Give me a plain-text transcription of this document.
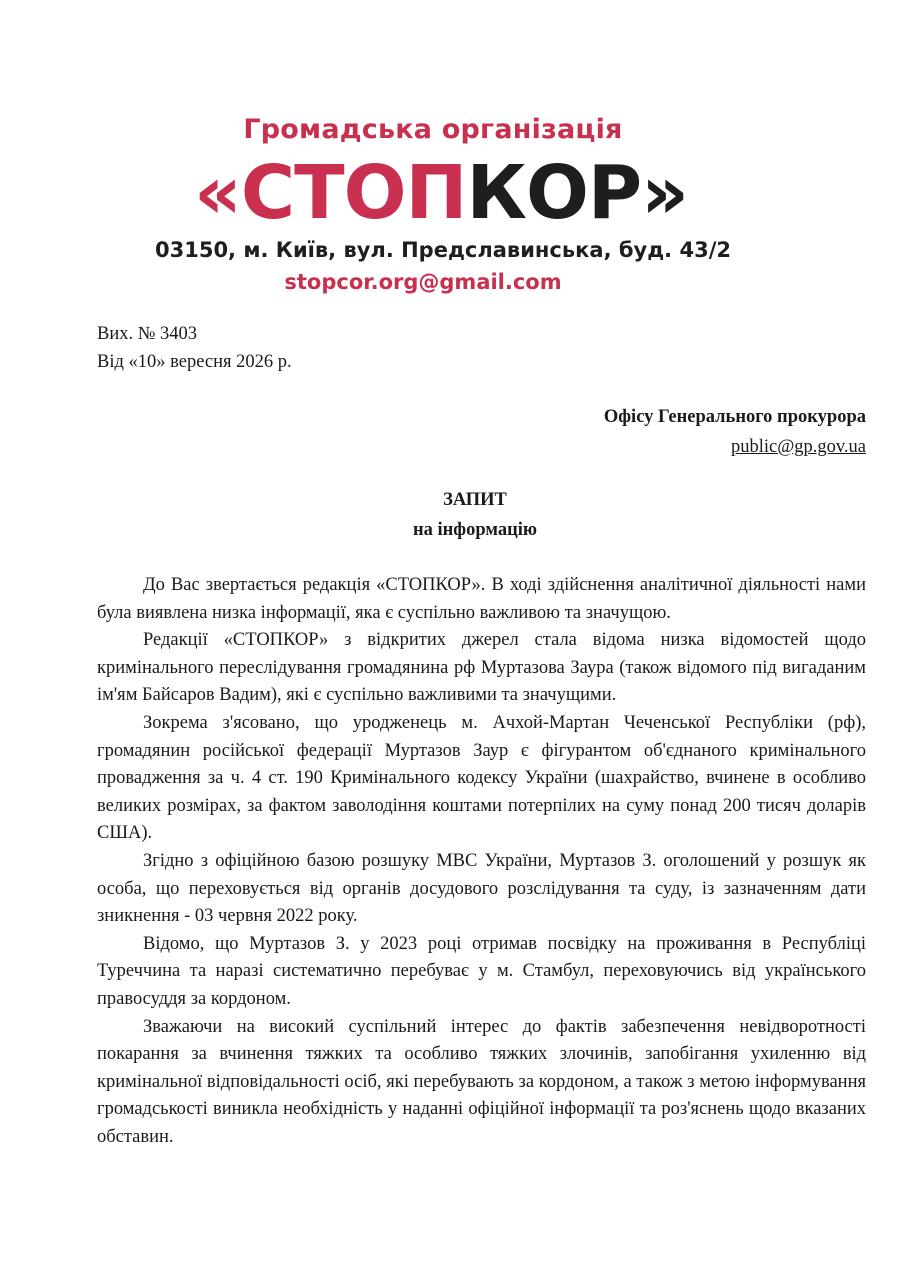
Громадська організація
«СТОПКОР»
03150, м. Київ, вул. Предславинська, буд. 43/2
stopcor.org@gmail.com
Вих. № 3403
Від «10» вересня 2026 р.
Офісу Генерального прокурора
public@gp.gov.ua
ЗАПИТ
на інформацію

До Вас звертається редакція «СТОПКОР». В ході здійснення аналітичної діяльності нами була виявлена низка інформації, яка є суспільно важливою та значущою.

Редакції «СТОПКОР» з відкритих джерел стала відома низка відомостей щодо кримінального переслідування громадянина рф Муртазова Заура (також відомого під вигаданим ім'ям Байсаров Вадим), які є суспільно важливими та значущими.

Зокрема з'ясовано, що уродженець м. Ачхой-Мартан Чеченської Республіки (рф), громадянин російської федерації Муртазов Заур є фігурантом об'єднаного кримінального провадження за ч. 4 ст. 190 Кримінального кодексу України (шахрайство, вчинене в особливо великих розмірах, за фактом заволодіння коштами потерпілих на суму понад 200 тисяч доларів США).

Згідно з офіційною базою розшуку МВС України, Муртазов З. оголошений у розшук як особа, що переховується від органів досудового розслідування та суду, із зазначенням дати зникнення - 03 червня 2022 року.

Відомо, що Муртазов З. у 2023 році отримав посвідку на проживання в Республіці Туреччина та наразі систематично перебуває у м. Стамбул, переховуючись від українського правосуддя за кордоном.

Зважаючи на високий суспільний інтерес до фактів забезпечення невідворотності покарання за вчинення тяжких та особливо тяжких злочинів, запобігання ухиленню від кримінальної відповідальності осіб, які перебувають за кордоном, а також з метою інформування громадськості виникла необхідність у наданні офіційної інформації та роз'яснень щодо вказаних обставин.
